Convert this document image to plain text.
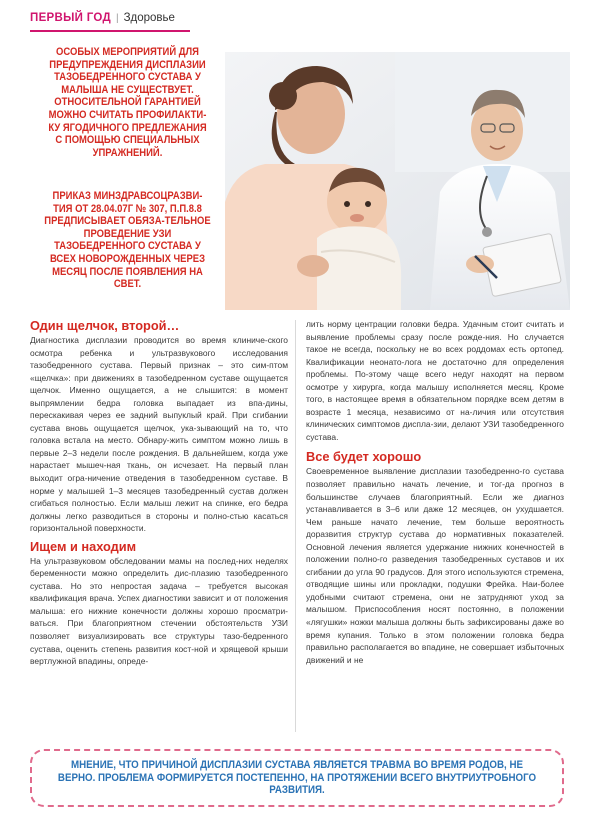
ПЕРВЫЙ ГОД | Здоровье

ОСОБЫХ МЕРОПРИЯТИЙ ДЛЯ ПРЕДУПРЕЖДЕНИЯ ДИСПЛАЗИИ ТАЗОБЕДРЕННОГО СУСТАВА У МАЛЫША НЕ СУЩЕСТВУЕТ. ОТНОСИТЕЛЬНОЙ ГАРАНТИЕЙ МОЖНО СЧИТАТЬ ПРОФИЛАКТИ-КУ ЯГОДИЧНОГО ПРЕДЛЕЖАНИЯ С ПОМОЩЬЮ СПЕЦИАЛЬНЫХ УПРАЖНЕНИЙ.

ПРИКАЗ МИНЗДРАВСОЦРАЗВИ-ТИЯ ОТ 28.04.07Г № 307, П.П.8.8 ПРЕДПИСЫВАЕТ ОБЯЗА-ТЕЛЬНОЕ ПРОВЕДЕНИЕ УЗИ ТАЗОБЕДРЕННОГО СУСТАВА У ВСЕХ НОВОРОЖДЕННЫХ ЧЕРЕЗ МЕСЯЦ ПОСЛЕ ПОЯВЛЕНИЯ НА СВЕТ.

Один щелчок, второй…

Диагностика дисплазии проводится во время клиниче-ского осмотра ребенка и ультразвукового исследования тазобедренного сустава. Первый признак – это сим-птом «щелчка»: при движениях в тазобедренном суставе ощущается щелчок. Именно ощущается, а не слышится: в момент выпрямлении бедра головка выпадает из впа-дины, перескакивая через ее задний выпуклый край. При сгибании сустава вновь ощущается щелчок, ука-зывающий на то, что головка встала на место. Обнару-жить симптом можно лишь в первые 2–3 недели после рождения. В дальнейшем, когда уже нарастает мышеч-ная ткань, он исчезает. На первый план выходит огра-ничение отведения в тазобедренном суставе. В норме у малышей 1–3 месяцев тазобедренный сустав должен сгибаться полностью. Если малыш лежит на спинке, его бедра должны легко разводиться в стороны и полно-стью касаться горизонтальной поверхности.

Ищем и находим

На ультразвуковом обследовании мамы на послед-них неделях беременности можно определить дис-плазию тазобедренного сустава. Но это непростая задача – требуется высокая квалификация врача. Успех диагностики зависит и от положения малыша: его нижние конечности должны хорошо просматри-ваться. При благоприятном стечении обстоятельств УЗИ позволяет визуализировать все структуры тазо-бедренного сустава, оценить степень развития кост-ной и хрящевой крыши вертлужной впадины, опреде-

лить норму центрации головки бедра. Удачным стоит считать и выявление проблемы сразу после рожде-ния. Но случается такое не всегда, поскольку не во всех роддомах есть ортопед. Квалификации неонато-лога не достаточно для определения проблемы. По-этому чаще всего недуг находят на первом осмотре у хирурга, когда малышу исполняется месяц. Кроме того, в настоящее время в обязательном порядке всем детям в возрасте 1 месяца, независимо от на-личия или отсутствия клинических симптомов диспла-зии, делают УЗИ тазобедренного сустава.

Все будет хорошо

Своевременное выявление дисплазии тазобедренно-го сустава позволяет правильно начать лечение, и тог-да прогноз в большинстве случаев благоприятный. Если же диагноз устанавливается в 3–6 или даже 12 месяцев, он ухудшается. Чем раньше начато лечение, тем больше вероятность доразвития структур сустава до нормативных показателей. Основной лечения является удержание нижних конечностей в положении полно-го разведения тазобедренных суставов и их сгибании до угла 90 градусов. Для этого используются стремена, отводящие шины или прокладки, подушки Фрейка. Наи-более удобными считают стремена, они не затрудняют уход за малышом. Приспособления носят постоянно, в положении «лягушки» ножки малыша должны быть зафиксированы даже во время купания. Только в этом положении головка бедра правильно располагается во впадине, не совершает избыточных движений и не

МНЕНИЕ, ЧТО ПРИЧИНОЙ ДИСПЛАЗИИ СУСТАВА ЯВЛЯЕТСЯ ТРАВМА ВО ВРЕМЯ РОДОВ, НЕ ВЕРНО. ПРОБЛЕМА ФОРМИРУЕТСЯ ПОСТЕПЕННО, НА ПРОТЯЖЕНИИ ВСЕГО ВНУТРИУТРОБНОГО РАЗВИТИЯ.
